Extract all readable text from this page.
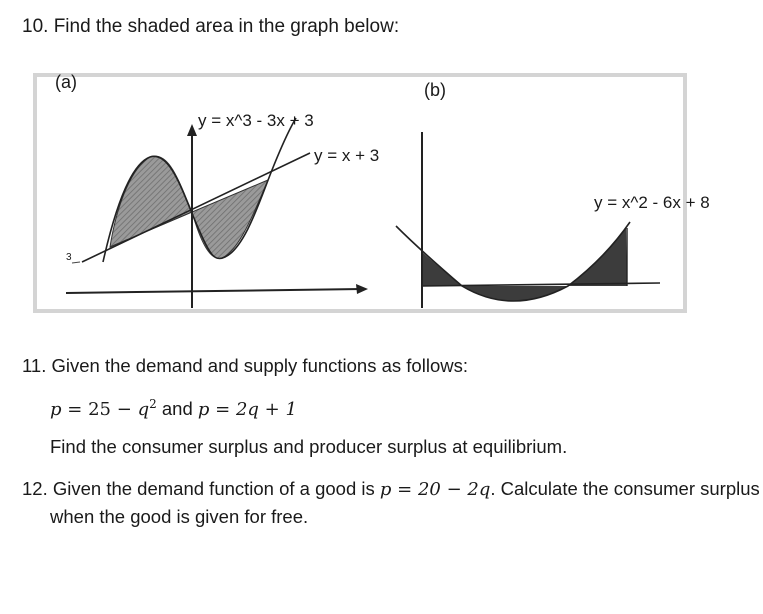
10. Find the shaded area in the graph below:
(a)	(b)
y = x^3 - 3x + 3
y = x + 3
3
y = x^2 - 6x + 8
11. Given the demand and supply functions as follows:
$p = 25 - q^2$ and p = 2q + 1
Find the consumer surplus and producer surplus at equilibrium.
12. Given the demand function of a good is p = 20 − 2q. Calculate the consumer surplus
when the good is given for free.
